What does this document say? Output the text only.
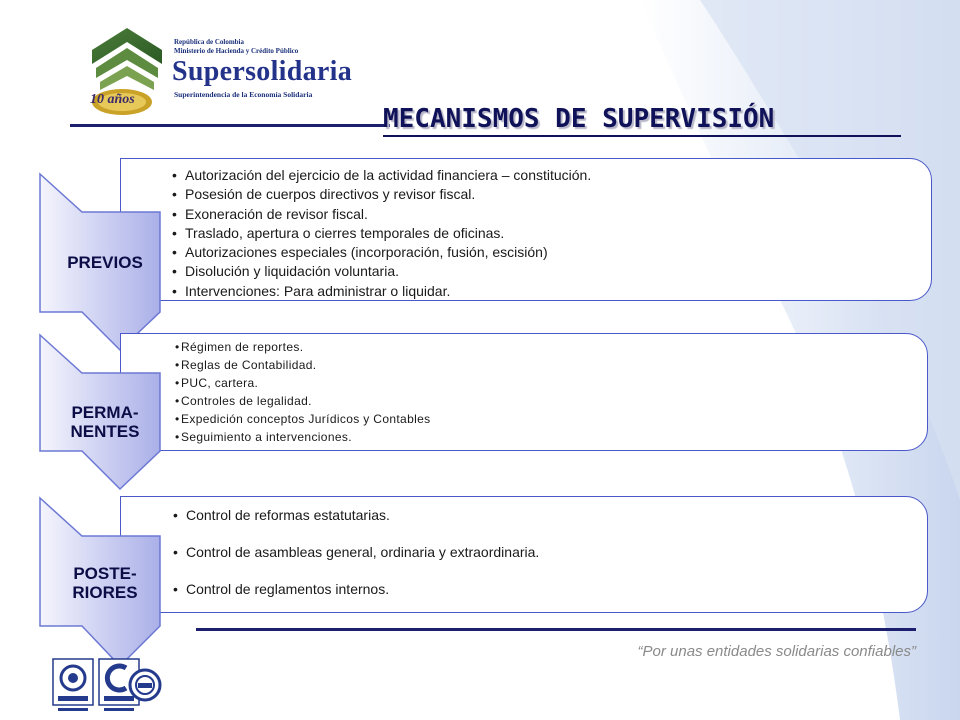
República de Colombia
Ministerio de Hacienda y Crédito Público
Supersolidaria
Superintendencia de la Economía Solidaria
10 años
MECANISMOS DE SUPERVISIÓN
PREVIOS
• Autorización del ejercicio de la actividad financiera – constitución.
• Posesión de cuerpos directivos y revisor fiscal.
• Exoneración de revisor fiscal.
• Traslado, apertura o cierres temporales de oficinas.
• Autorizaciones especiales (incorporación, fusión, escisión)
• Disolución y liquidación voluntaria.
• Intervenciones: Para administrar o liquidar.
PERMA-
NENTES
• Régimen de reportes.
• Reglas de Contabilidad.
• PUC, cartera.
• Controles de legalidad.
• Expedición conceptos Jurídicos y Contables
• Seguimiento a intervenciones.
POSTE-
RIORES
• Control de reformas estatutarias.
• Control de asambleas general, ordinaria y extraordinaria.
• Control de reglamentos internos.
“Por unas entidades solidarias confiables”
